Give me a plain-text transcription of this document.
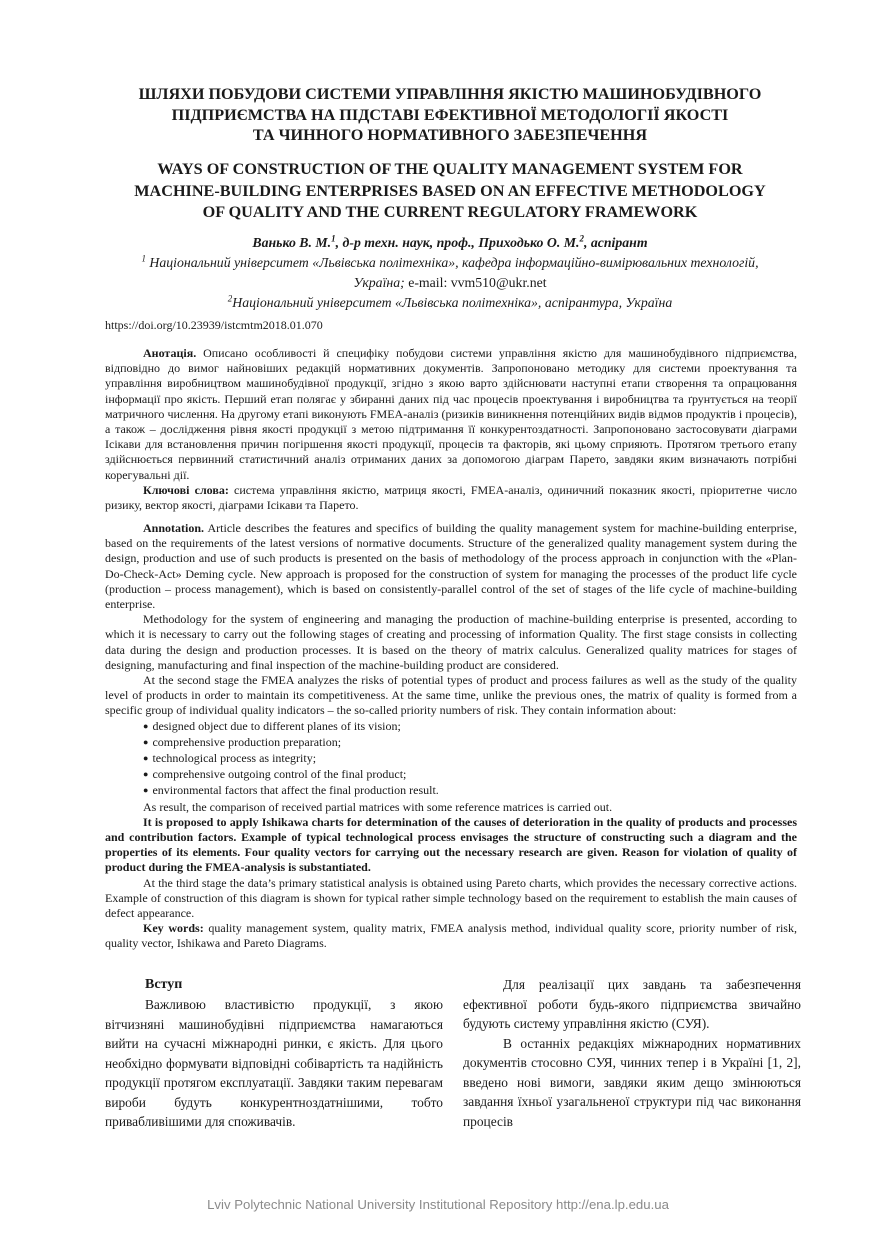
ШЛЯХИ ПОБУДОВИ СИСТЕМИ УПРАВЛІННЯ ЯКІСТЮ МАШИНОБУДІВНОГО
ПІДПРИЄМСТВА НА ПІДСТАВІ ЕФЕКТИВНОЇ МЕТОДОЛОГІЇ ЯКОСТІ
ТА ЧИННОГО НОРМАТИВНОГО ЗАБЕЗПЕЧЕННЯ
WAYS OF CONSTRUCTION OF THE QUALITY MANAGEMENT SYSTEM FOR
MACHINE-BUILDING ENTERPRISES BASED ON AN EFFECTIVE METHODOLOGY
OF QUALITY AND THE CURRENT REGULATORY FRAMEWORK
Ванько В. М.$^1$, д-р техн. наук, проф., Приходько О. М.$^2$, аспірант
$^1$ Національний університет «Львівська політехніка», кафедра інформаційно-вимірювальних технологій,
Україна; e-mail: vvm510@ukr.net
$^2$Національний університет «Львівська політехніка», аспірантура, Україна
https://doi.org/10.23939/istcmtm2018.01.070

Анотація. Описано особливості й специфіку побудови системи управління якістю для машинобудівного підприємства, відповідно до вимог найновіших редакцій нормативних документів. Запропоновано методику для системи проектування та управління виробництвом машинобудівної продукції, згідно з якою варто здійснювати наступні етапи створення та опрацювання інформації про якість. Перший етап полягає у збиранні даних під час процесів проектування і виробництва та ґрунтується на теорії матричного числення. На другому етапі виконують FMEA-аналіз (ризиків виникнення потенційних видів відмов продуктів і процесів), а також – дослідження рівня якості продукції з метою підтримання її конкурентоздатності. Запропоновано застосовувати діаграми Ісікави для встановлення причин погіршення якості продукції, процесів та факторів, які цьому сприяють. Протягом третього етапу здійснюється первинний статистичний аналіз отриманих даних за допомогою діаграм Парето, завдяки яким визначають потрібні корегувальні дії.

Ключові слова: система управління якістю, матриця якості, FMEA-аналіз, одиничний показник якості, пріоритетне число ризику, вектор якості, діаграми Ісікави та Парето.

Annotation. Article describes the features and specifics of building the quality management system for machine-building enterprise, based on the requirements of the latest versions of normative documents. Structure of the generalized quality management system during the design, production and use of such products is presented on the basis of methodology of the process approach in conjunction with the «Plan-Do-Check-Act» Deming cycle. New approach is proposed for the construction of system for managing the processes of the product life cycle (production – process management), which is based on consistently-parallel control of the set of stages of the life cycle of machine-building enterprise.

Methodology for the system of engineering and managing the production of machine-building enterprise is presented, according to which it is necessary to carry out the following stages of creating and processing of information Quality. The first stage consists in collecting data during the design and production processes. It is based on the theory of matrix calculus. Generalized quality matrices for stages of designing, manufacturing and final inspection of the machine-building product are considered.

At the second stage the FMEA analyzes the risks of potential types of product and process failures as well as the study of the quality level of products in order to maintain its competitiveness. At the same time, unlike the previous ones, the matrix of quality is formed from a specific group of individual quality indicators – the so-called priority numbers of risk. They contain information about:

● designed object due to different planes of its vision;
● comprehensive production preparation;
● technological process as integrity;
● comprehensive outgoing control of the final product;
● environmental factors that affect the final production result.

As result, the comparison of received partial matrices with some reference matrices is carried out.

It is proposed to apply Ishikawa charts for determination of the causes of deterioration in the quality of products and processes and contribution factors. Example of typical technological process envisages the structure of constructing such a diagram and the properties of its elements. Four quality vectors for carrying out the necessary research are given. Reason for violation of quality of product during the FMEA-analysis is substantiated.

At the third stage the data’s primary statistical analysis is obtained using Pareto charts, which provides the necessary corrective actions. Example of construction of this diagram is shown for typical rather simple technology based on the requirement to establish the main causes of defect appearance.

Key words: quality management system, quality matrix, FMEA analysis method, individual quality score, priority number of risk, quality vector, Ishikawa and Pareto Diagrams.

Вступ

Важливою властивістю продукції, з якою вітчизняні машинобудівні підприємства намагаються вийти на сучасні міжнародні ринки, є якість. Для цього необхідно формувати відповідні собівартість та надійність продукції протягом експлуатації. Завдяки таким перевагам вироби будуть конкурентноздатнішими, тобто привабливішими для споживачів.

Для реалізації цих завдань та забезпечення ефективної роботи будь-якого підприємства звичайно будують систему управління якістю (СУЯ).

В останніх редакціях міжнародних нормативних документів стосовно СУЯ, чинних тепер і в Україні [1, 2], введено нові вимоги, завдяки яким дещо змінюються завдання їхньої узагальненої структури під час виконання процесів

Lviv Polytechnic National University Institutional Repository http://ena.lp.edu.ua
